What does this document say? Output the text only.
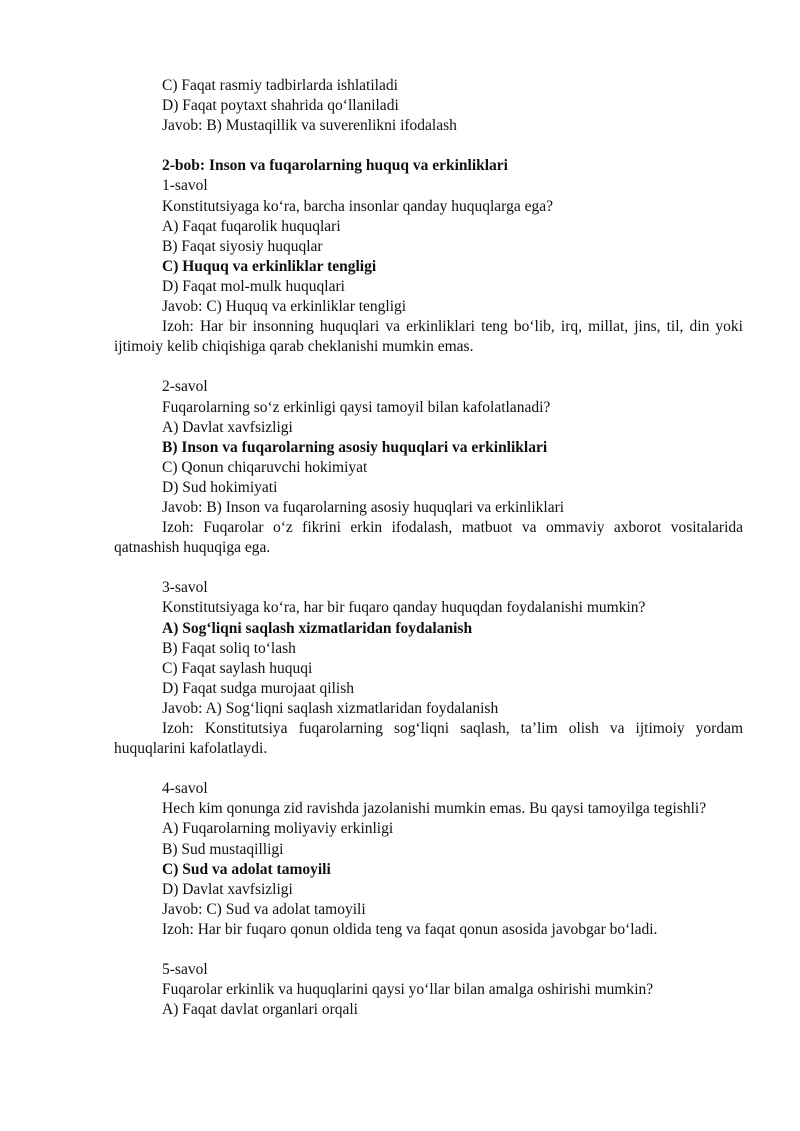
C) Faqat rasmiy tadbirlarda ishlatiladi
D) Faqat poytaxt shahrida qo‘llaniladi
Javob: B) Mustaqillik va suverenlikni ifodalash
2-bob: Inson va fuqarolarning huquq va erkinliklari
1-savol
Konstitutsiyaga ko‘ra, barcha insonlar qanday huquqlarga ega?
A) Faqat fuqarolik huquqlari
B) Faqat siyosiy huquqlar
C) Huquq va erkinliklar tengligi
D) Faqat mol-mulk huquqlari
Javob: C) Huquq va erkinliklar tengligi
Izoh: Har bir insonning huquqlari va erkinliklari teng bo‘lib, irq, millat, jins, til, din yoki ijtimoiy kelib chiqishiga qarab cheklanishi mumkin emas.
2-savol
Fuqarolarning so‘z erkinligi qaysi tamoyil bilan kafolatlanadi?
A) Davlat xavfsizligi
B) Inson va fuqarolarning asosiy huquqlari va erkinliklari
C) Qonun chiqaruvchi hokimiyat
D) Sud hokimiyati
Javob: B) Inson va fuqarolarning asosiy huquqlari va erkinliklari
Izoh: Fuqarolar o‘z fikrini erkin ifodalash, matbuot va ommaviy axborot vositalarida qatnashish huquqiga ega.
3-savol
Konstitutsiyaga ko‘ra, har bir fuqaro qanday huquqdan foydalanishi mumkin?
A) Sog‘liqni saqlash xizmatlaridan foydalanish
B) Faqat soliq to‘lash
C) Faqat saylash huquqi
D) Faqat sudga murojaat qilish
Javob: A) Sog‘liqni saqlash xizmatlaridan foydalanish
Izoh: Konstitutsiya fuqarolarning sog‘liqni saqlash, ta’lim olish va ijtimoiy yordam huquqlarini kafolatlaydi.
4-savol
Hech kim qonunga zid ravishda jazolanishi mumkin emas. Bu qaysi tamoyilga tegishli?
A) Fuqarolarning moliyaviy erkinligi
B) Sud mustaqilligi
C) Sud va adolat tamoyili
D) Davlat xavfsizligi
Javob: C) Sud va adolat tamoyili
Izoh: Har bir fuqaro qonun oldida teng va faqat qonun asosida javobgar bo‘ladi.
5-savol
Fuqarolar erkinlik va huquqlarini qaysi yo‘llar bilan amalga oshirishi mumkin?
A) Faqat davlat organlari orqali
